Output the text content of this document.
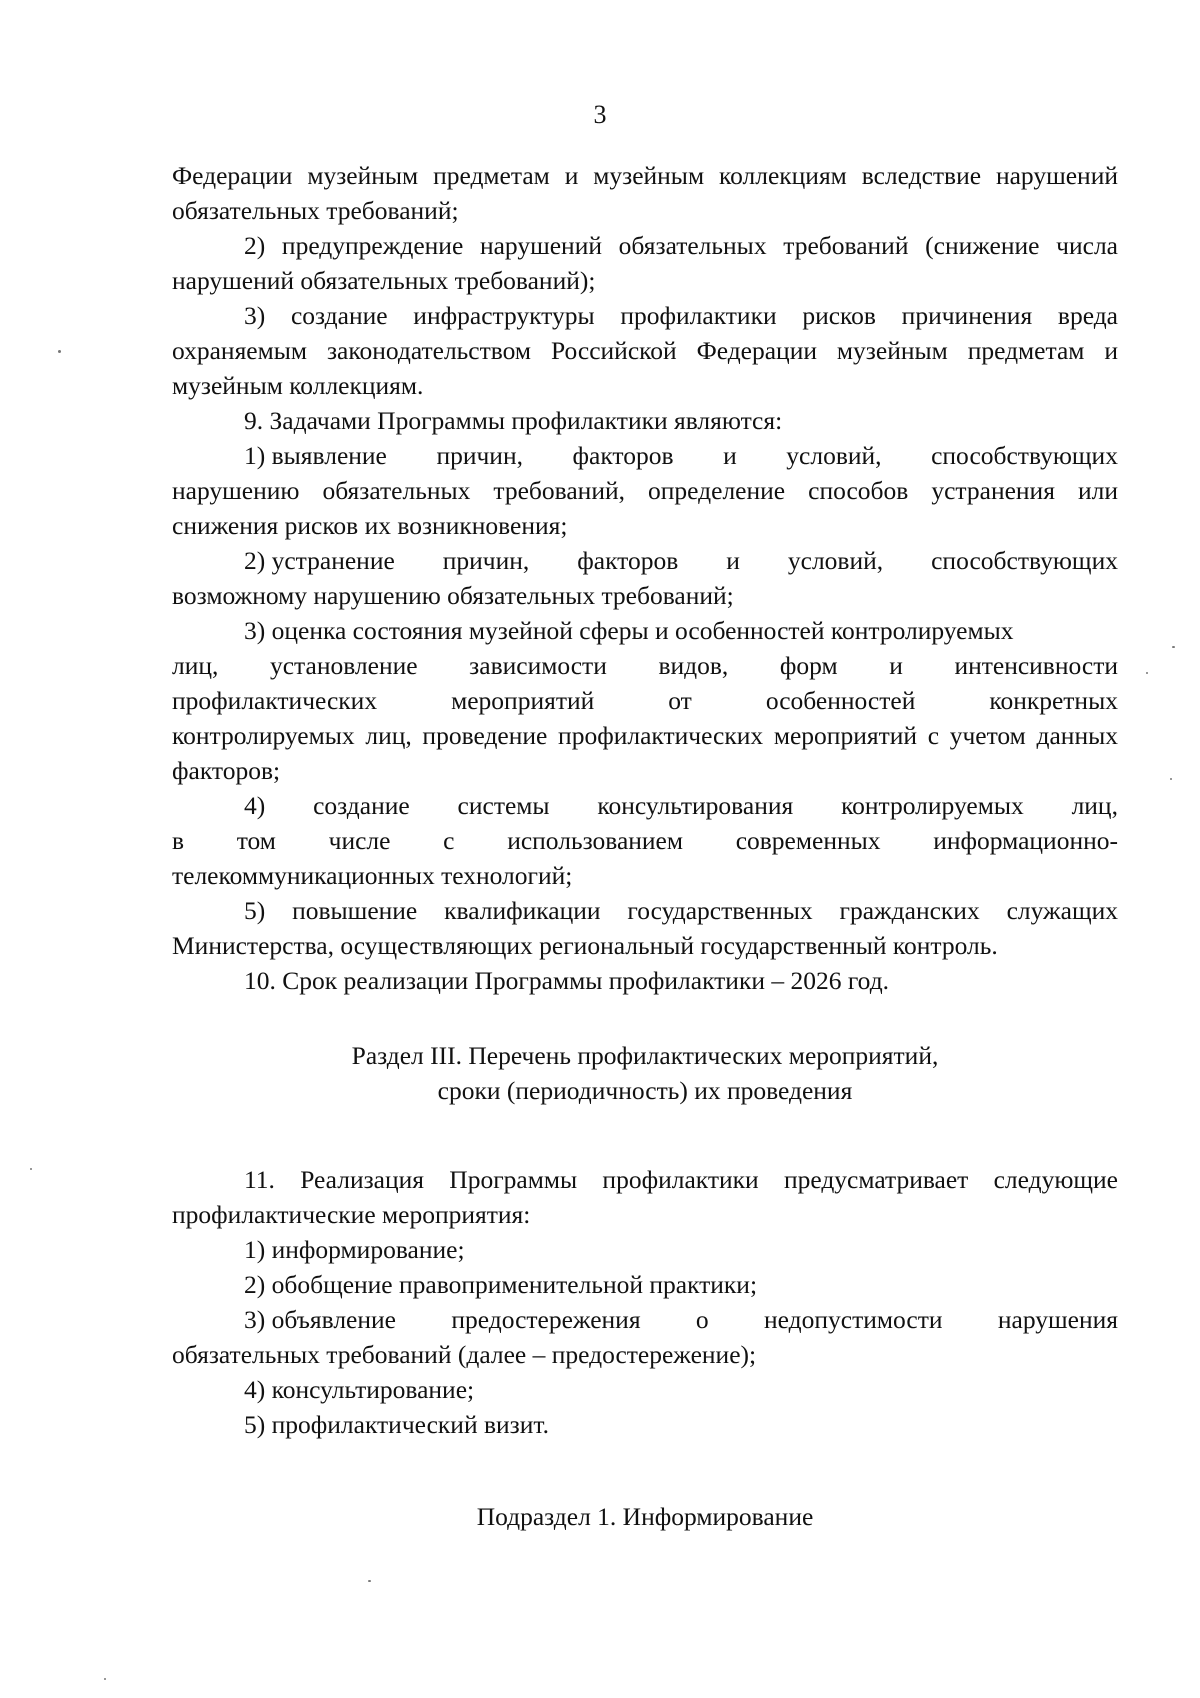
3

Федерации музейным предметам и музейным коллекциям вследствие нарушений обязательных требований;

2) предупреждение нарушений обязательных требований (снижение числа нарушений обязательных требований);

3) создание инфраструктуры профилактики рисков причинения вреда охраняемым законодательством Российской Федерации музейным предметам и музейным коллекциям.

9. Задачами Программы профилактики являются:

1) выявление причин, факторов и условий, способствующих

нарушению обязательных требований, определение способов устранения или снижения рисков их возникновения;

2) устранение причин, факторов и условий, способствующих

возможному нарушению обязательных требований;

3) оценка состояния музейной сферы и особенностей контролируемых

лиц, установление зависимости видов, форм и интенсивности
профилактических	мероприятий	от	особенностей	конкретных

контролируемых лиц, проведение профилактических мероприятий с учетом данных факторов;

4) создание системы консультирования контролируемых лиц,
в том числе с использованием современных информационно-

телекоммуникационных технологий;

5) повышение квалификации государственных гражданских служащих Министерства, осуществляющих региональный государственный контроль.

10. Срок реализации Программы профилактики – 2026 год.

Раздел III. Перечень профилактических мероприятий,

сроки (периодичность) их проведения

11. Реализация Программы профилактики предусматривает следующие профилактические мероприятия:

1) информирование;

2) обобщение правоприменительной практики;

3) объявление предостережения о недопустимости нарушения

обязательных требований (далее – предостережение);

4) консультирование;

5) профилактический визит.

Подраздел 1. Информирование
